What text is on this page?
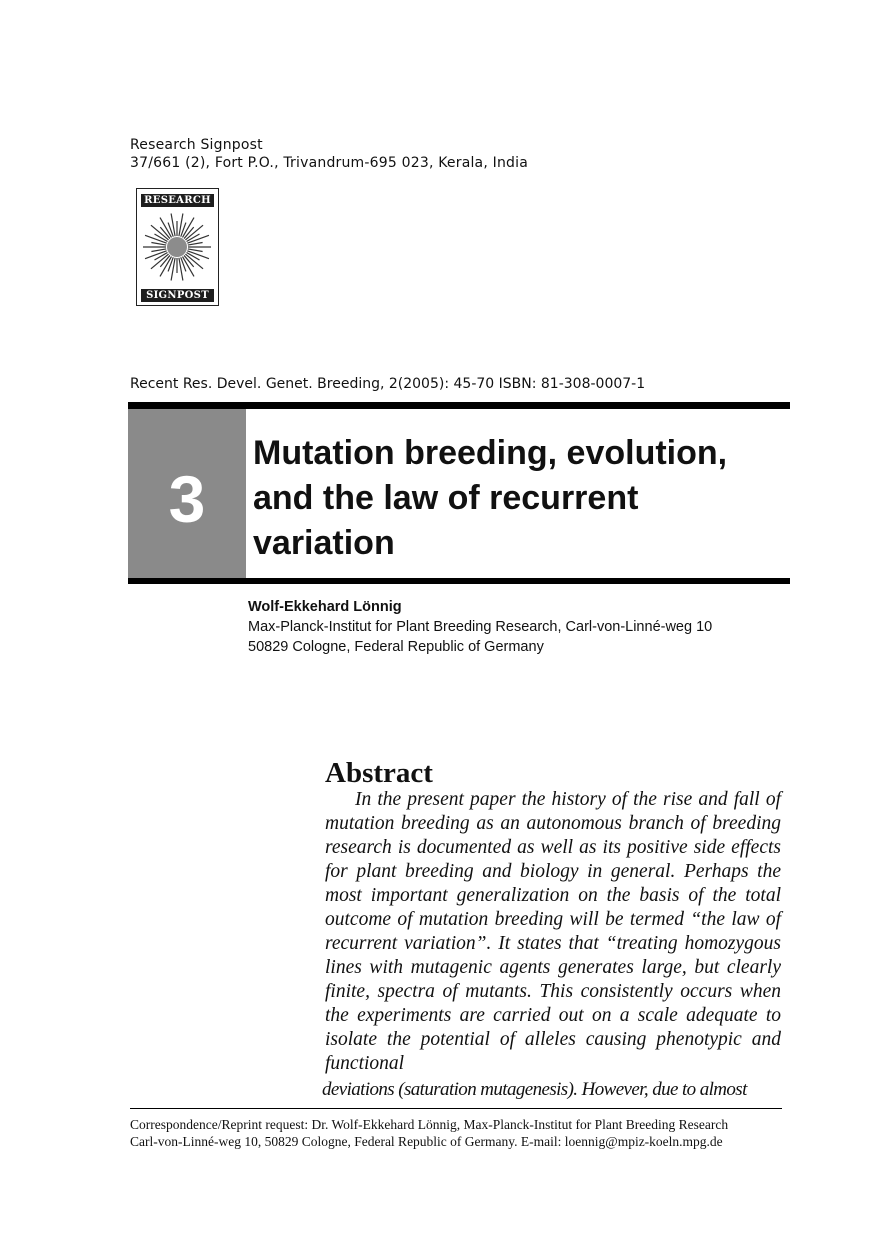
Research Signpost
37/661 (2), Fort P.O., Trivandrum-695 023, Kerala, India
RESEARCH
SIGNPOST
Recent Res. Devel. Genet. Breeding, 2(2005): 45-70 ISBN: 81-308-0007-1
3
Mutation breeding, evolution, and the law of recurrent variation
Wolf-Ekkehard Lönnig
Max-Planck-Institut for Plant Breeding Research, Carl-von-Linné-weg 10
50829 Cologne, Federal Republic of Germany
Abstract
In the present paper the history of the rise and fall of mutation breeding as an autonomous branch of breeding research is documented as well as its positive side effects for plant breeding and biology in general. Perhaps the most important generalization on the basis of the total outcome of mutation breeding will be termed “the law of recurrent variation”. It states that “treating homozygous lines with mutagenic agents generates large, but clearly finite, spectra of mutants. This consistently occurs when the experiments are carried out on a scale adequate to isolate the potential of alleles causing phenotypic and functional
deviations (saturation mutagenesis). However, due to almost
Correspondence/Reprint request: Dr. Wolf-Ekkehard Lönnig, Max-Planck-Institut for Plant Breeding Research
Carl-von-Linné-weg 10, 50829 Cologne, Federal Republic of Germany. E-mail: loennig@mpiz-koeln.mpg.de
